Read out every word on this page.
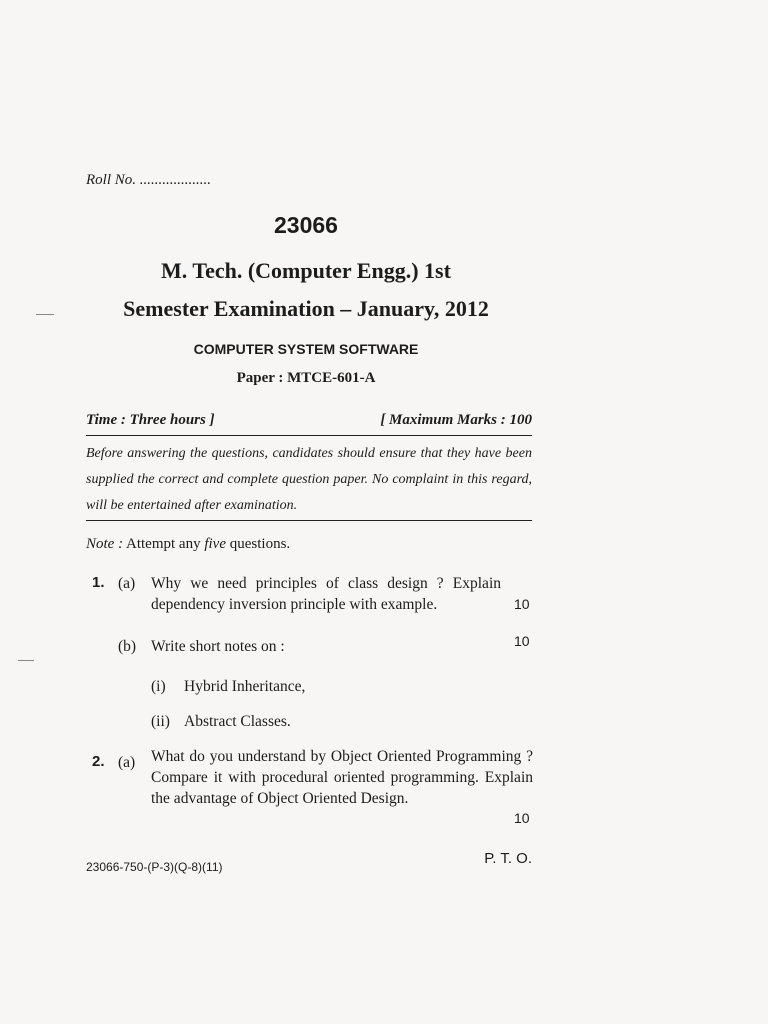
Roll No. ...................
23066
M. Tech. (Computer Engg.) 1st
Semester Examination – January, 2012
COMPUTER SYSTEM SOFTWARE
Paper : MTCE-601-A
Time : Three hours ]	[ Maximum Marks : 100
Before answering the questions, candidates should ensure that they have been supplied the correct and complete question paper. No complaint in this regard, will be entertained after examination.
Note : Attempt any five questions.
1. (a) Why we need principles of class design ? Explain dependency inversion principle with example.	10
(b) Write short notes on :	10
(i) Hybrid Inheritance,
(ii) Abstract Classes.
2. (a) What do you understand by Object Oriented Programming ? Compare it with procedural oriented programming. Explain the advantage of Object Oriented Design.
10
23066-750-(P-3)(Q-8)(11)	P. T. O.
